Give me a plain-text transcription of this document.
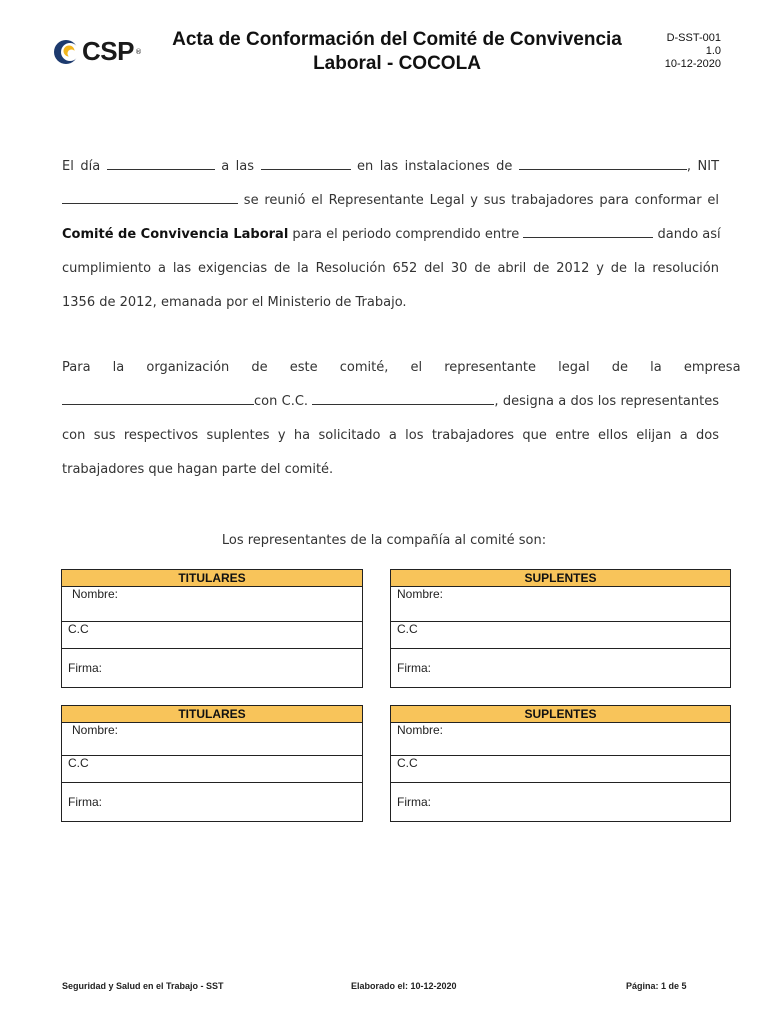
CSP ®
Acta de Conformación del Comité de Convivencia
Laboral - COCOLA
D-SST-001
1.0
10-12-2020
El día	a las	en las instalaciones de	, NIT
se reunió el Representante Legal y sus trabajadores para conformar el
Comité de Convivencia Laboral para el periodo comprendido entre	dando así
cumplimiento a las exigencias de la Resolución 652 del 30 de abril de 2012 y de la resolución
1356 de 2012, emanada por el Ministerio de Trabajo.
Para la organización de este comité, el representante legal de la empresa
con C.C.	, designa a dos los representantes
con sus respectivos suplentes y ha solicitado a los trabajadores que entre ellos elijan a dos
trabajadores que hagan parte del comité.
Los representantes de la compañía al comité son:
TITULARES
Nombre:
C.C
Firma:
SUPLENTES
Nombre:
C.C
Firma:
TITULARES
Nombre:
C.C
Firma:
SUPLENTES
Nombre:
C.C
Firma:
Seguridad y Salud en el Trabajo - SST	Elaborado el: 10-12-2020	Página: 1 de 5
